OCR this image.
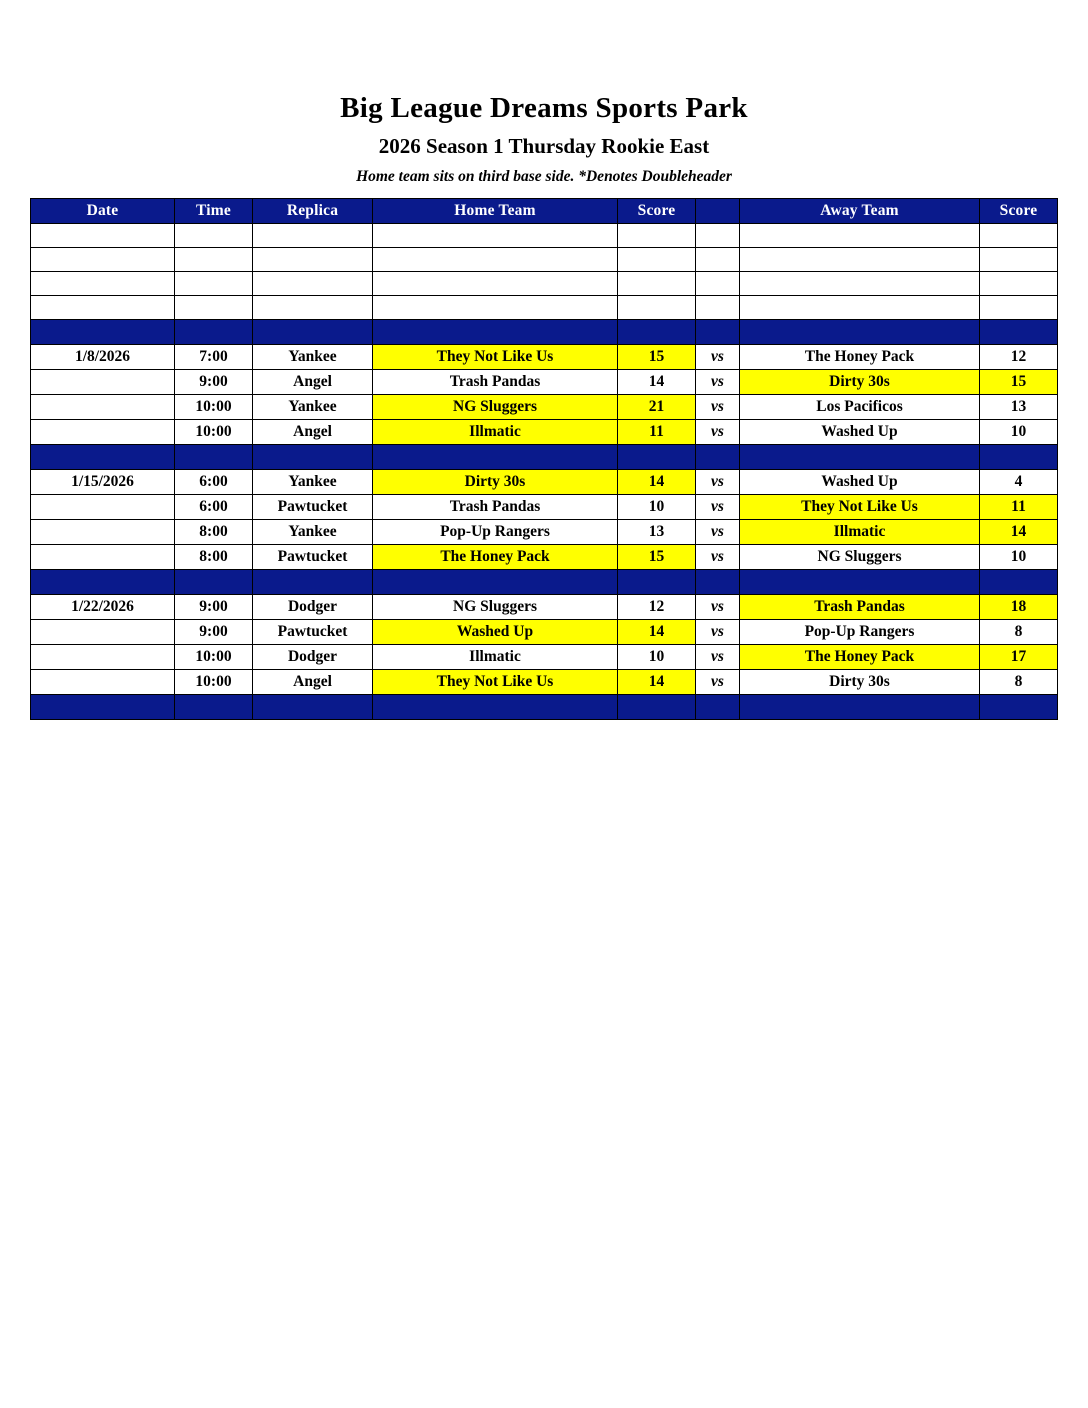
Big League Dreams Sports Park
2026 Season 1 Thursday Rookie East
Home team sits on third base side. *Denotes Doubleheader
Date	Time	Replica	Home Team	Score		Away Team	Score

1/8/2026	7:00	Yankee	They Not Like Us	15	vs	The Honey Pack	12
	9:00	Angel	Trash Pandas	14	vs	Dirty 30s	15
	10:00	Yankee	NG Sluggers	21	vs	Los Pacificos	13
	10:00	Angel	Illmatic	11	vs	Washed Up	10

1/15/2026	6:00	Yankee	Dirty 30s	14	vs	Washed Up	4
	6:00	Pawtucket	Trash Pandas	10	vs	They Not Like Us	11
	8:00	Yankee	Pop-Up Rangers	13	vs	Illmatic	14
	8:00	Pawtucket	The Honey Pack	15	vs	NG Sluggers	10

1/22/2026	9:00	Dodger	NG Sluggers	12	vs	Trash Pandas	18
	9:00	Pawtucket	Washed Up	14	vs	Pop-Up Rangers	8
	10:00	Dodger	Illmatic	10	vs	The Honey Pack	17
	10:00	Angel	They Not Like Us	14	vs	Dirty 30s	8
